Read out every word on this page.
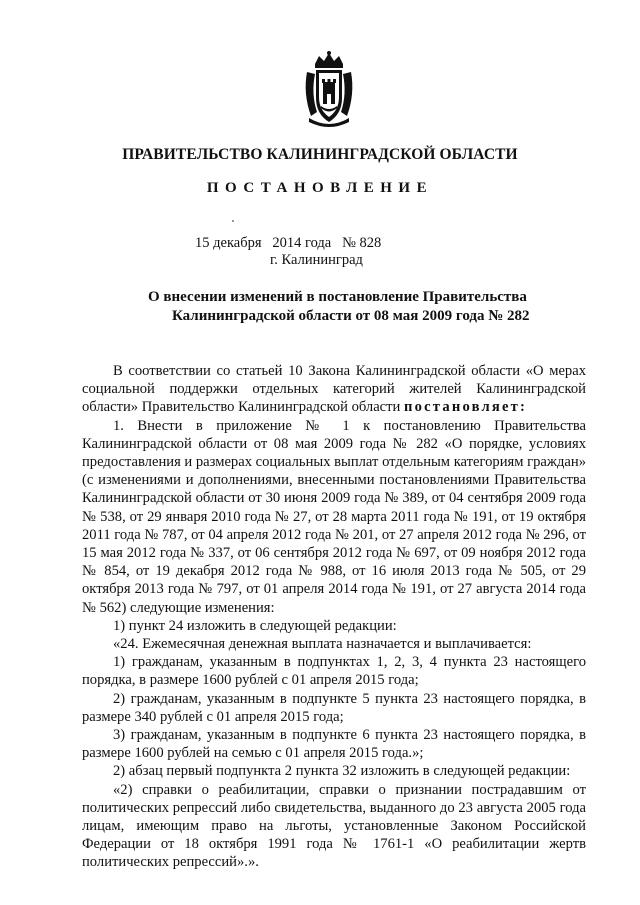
ПРАВИТЕЛЬСТВО КАЛИНИНГРАДСКОЙ ОБЛАСТИ
ПОСТАНОВЛЕНИЕ
15 декабря   2014 года   № 828
г. Калининград
О внесении изменений в постановление Правительства
Калининградской области от 08 мая 2009 года № 282

В соответствии со статьей 10 Закона Калининградской области «О мерах социальной поддержки отдельных категорий жителей Калининградской области» Правительство Калининградской области постановляет:

1. Внести в приложение № 1 к постановлению Правительства Калининградской области от 08 мая 2009 года № 282 «О порядке, условиях предоставления и размерах социальных выплат отдельным категориям граждан» (с изменениями и дополнениями, внесенными постановлениями Правительства Калининградской области от 30 июня 2009 года № 389, от 04 сентября 2009 года № 538, от 29 января 2010 года № 27, от 28 марта 2011 года № 191, от 19 октября 2011 года № 787, от 04 апреля 2012 года № 201, от 27 апреля 2012 года № 296, от 15 мая 2012 года № 337, от 06 сентября 2012 года № 697, от 09 ноября 2012 года № 854, от 19 декабря 2012 года № 988, от 16 июля 2013 года № 505, от 29 октября 2013 года № 797, от 01 апреля 2014 года № 191, от 27 августа 2014 года № 562) следующие изменения:

1) пункт 24 изложить в следующей редакции:

«24. Ежемесячная денежная выплата назначается и выплачивается:

1) гражданам, указанным в подпунктах 1, 2, 3, 4 пункта 23 настоящего порядка, в размере 1600 рублей с 01 апреля 2015 года;

2) гражданам, указанным в подпункте 5 пункта 23 настоящего порядка, в размере 340 рублей с 01 апреля 2015 года;

3) гражданам, указанным в подпункте 6 пункта 23 настоящего порядка, в размере 1600 рублей на семью с 01 апреля 2015 года.»;

2) абзац первый подпункта 2 пункта 32 изложить в следующей редакции:

«2) справки о реабилитации, справки о признании пострадавшим от политических репрессий либо свидетельства, выданного до 23 августа 2005 года лицам, имеющим право на льготы, установленные Законом Российской Федерации от 18 октября 1991 года № 1761-1 «О реабилитации жертв политических репрессий».».
